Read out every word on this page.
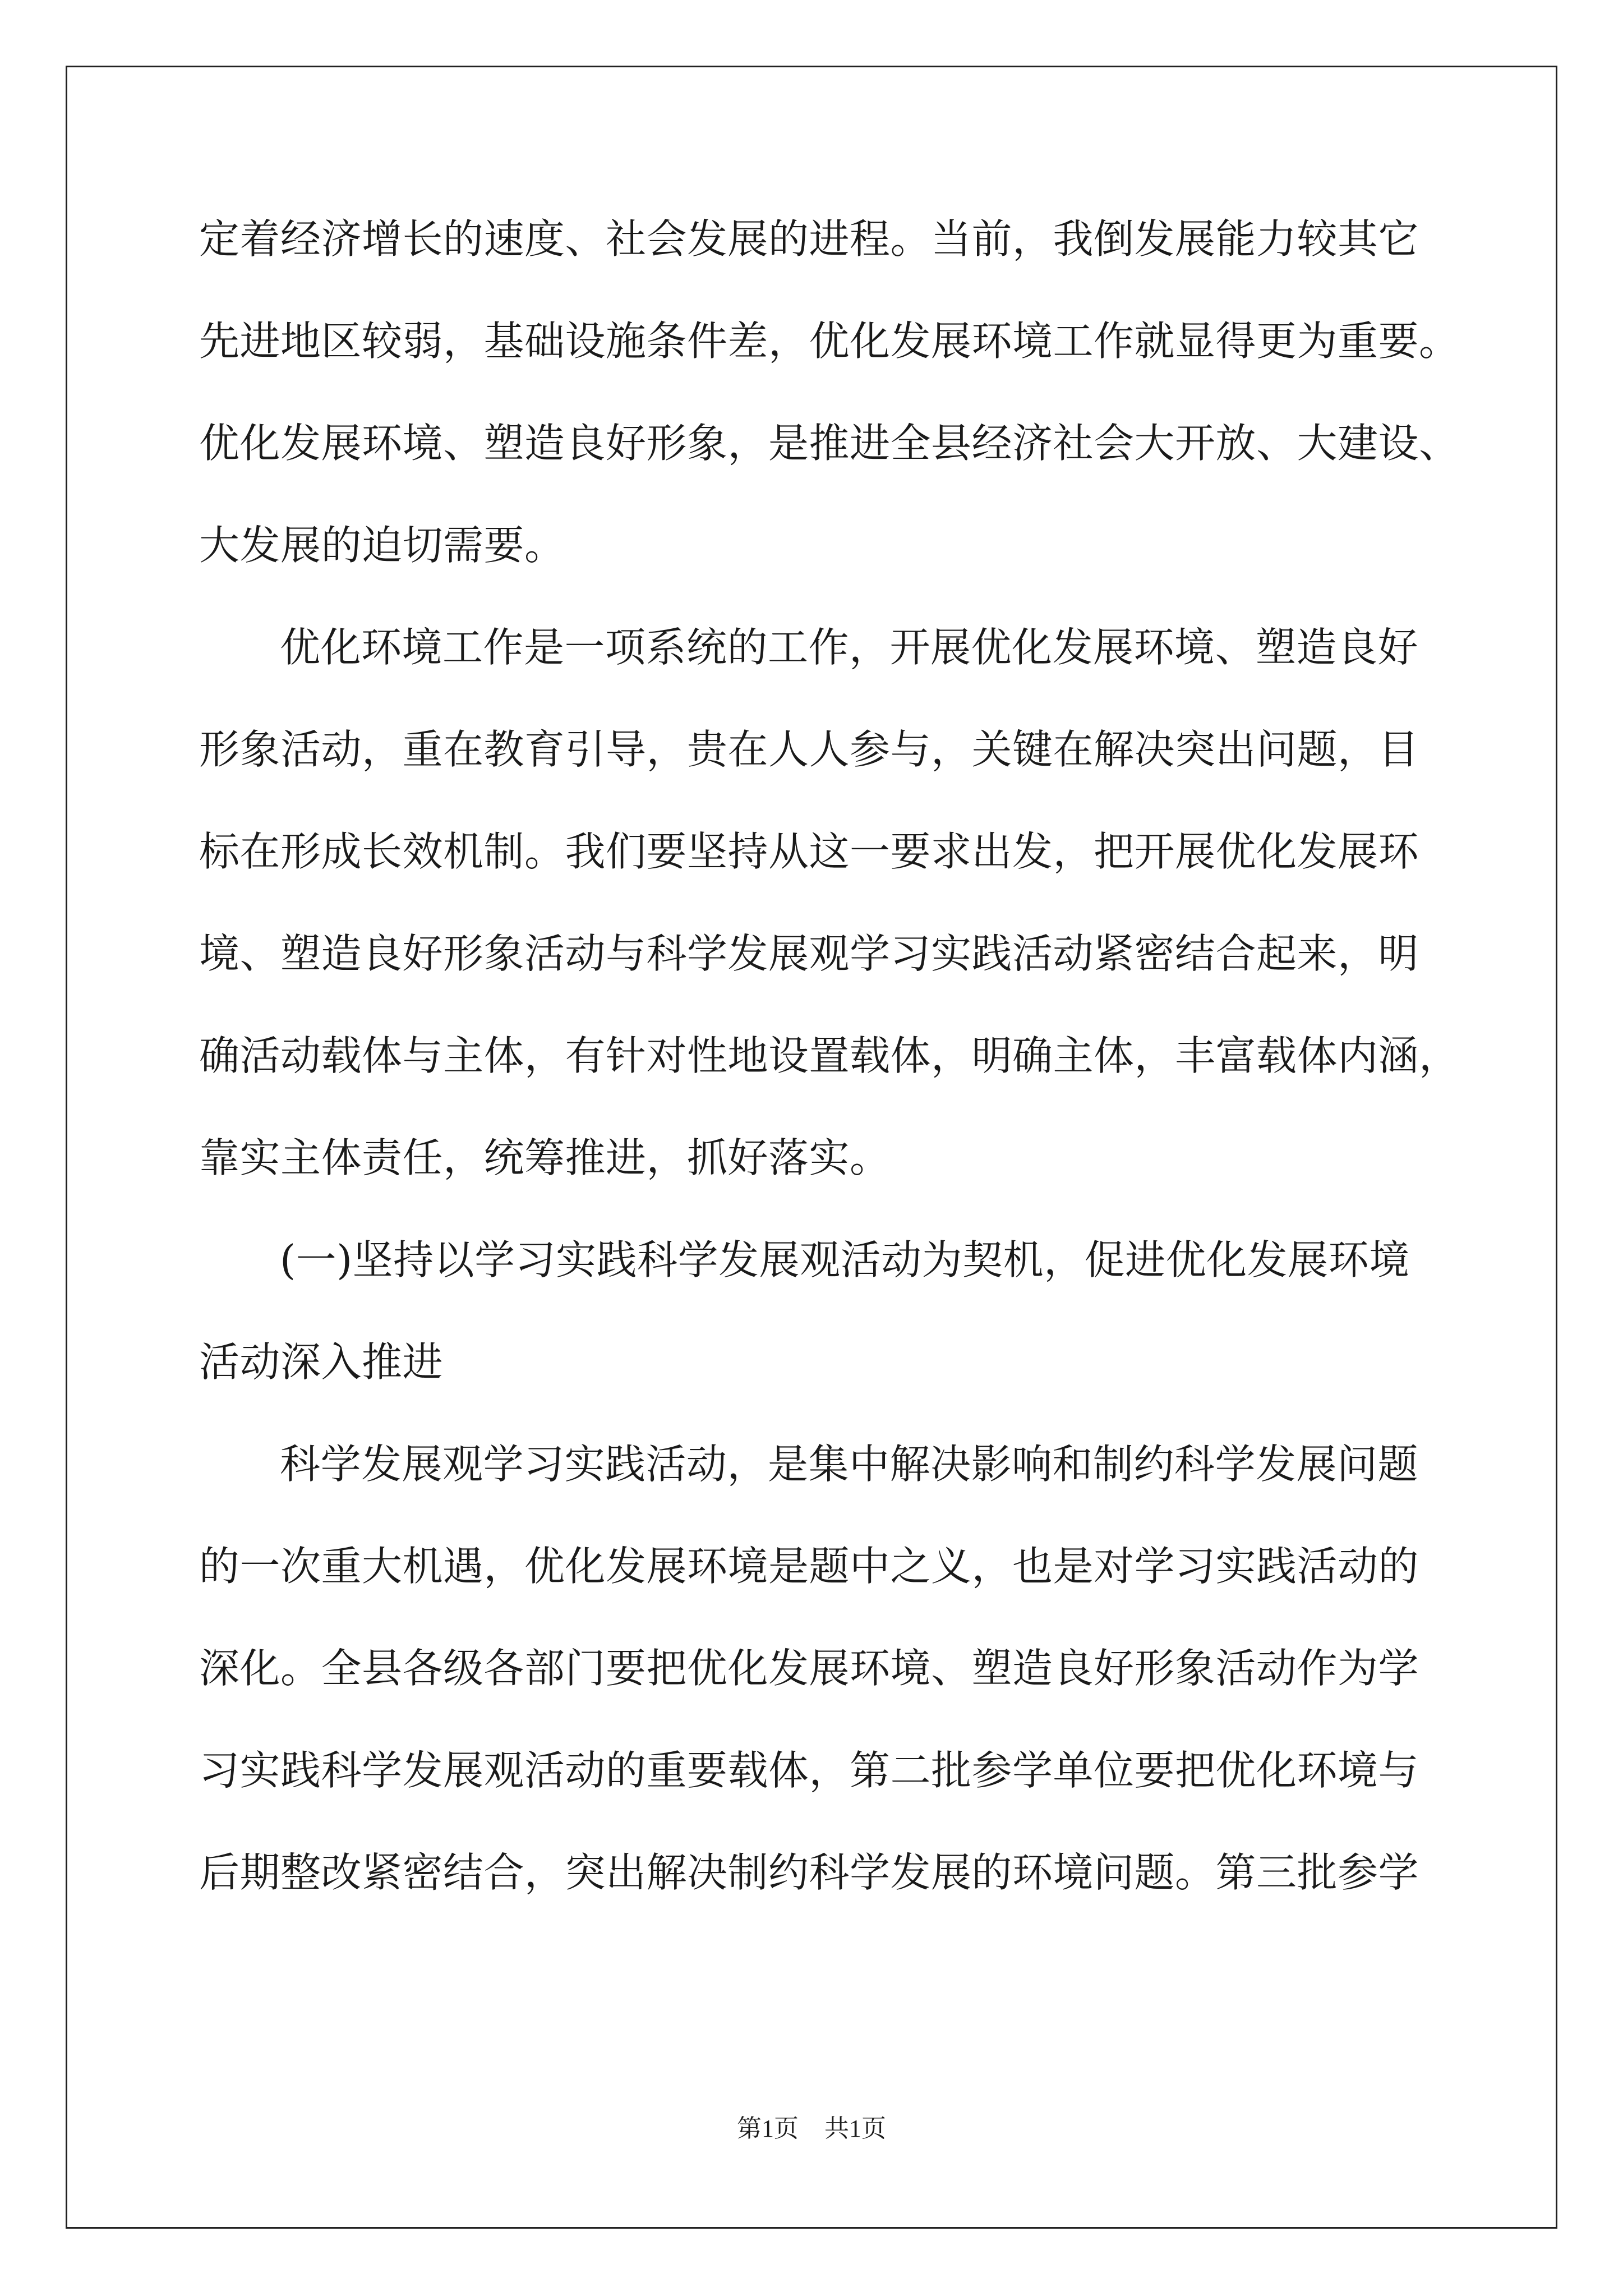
定着经济增长的速度、社会发展的进程。当前，我倒发展能力较其它
先进地区较弱，基础设施条件差，优化发展环境工作就显得更为重要。
优化发展环境、塑造良好形象，是推进全县经济社会大开放、大建设、
大发展的迫切需要。
优化环境工作是一项系统的工作，开展优化发展环境、塑造良好
形象活动，重在教育引导，贵在人人参与，关键在解决突出问题，目
标在形成长效机制。我们要坚持从这一要求出发，把开展优化发展环
境、塑造良好形象活动与科学发展观学习实践活动紧密结合起来，明
确活动载体与主体，有针对性地设置载体，明确主体，丰富载体内涵，
靠实主体责任，统筹推进，抓好落实。
(一)坚持以学习实践科学发展观活动为契机，促进优化发展环境
活动深入推进
科学发展观学习实践活动，是集中解决影响和制约科学发展问题
的一次重大机遇，优化发展环境是题中之义，也是对学习实践活动的
深化。全县各级各部门要把优化发展环境、塑造良好形象活动作为学
习实践科学发展观活动的重要载体，第二批参学单位要把优化环境与
后期整改紧密结合，突出解决制约科学发展的环境问题。第三批参学
第1页 共1页
